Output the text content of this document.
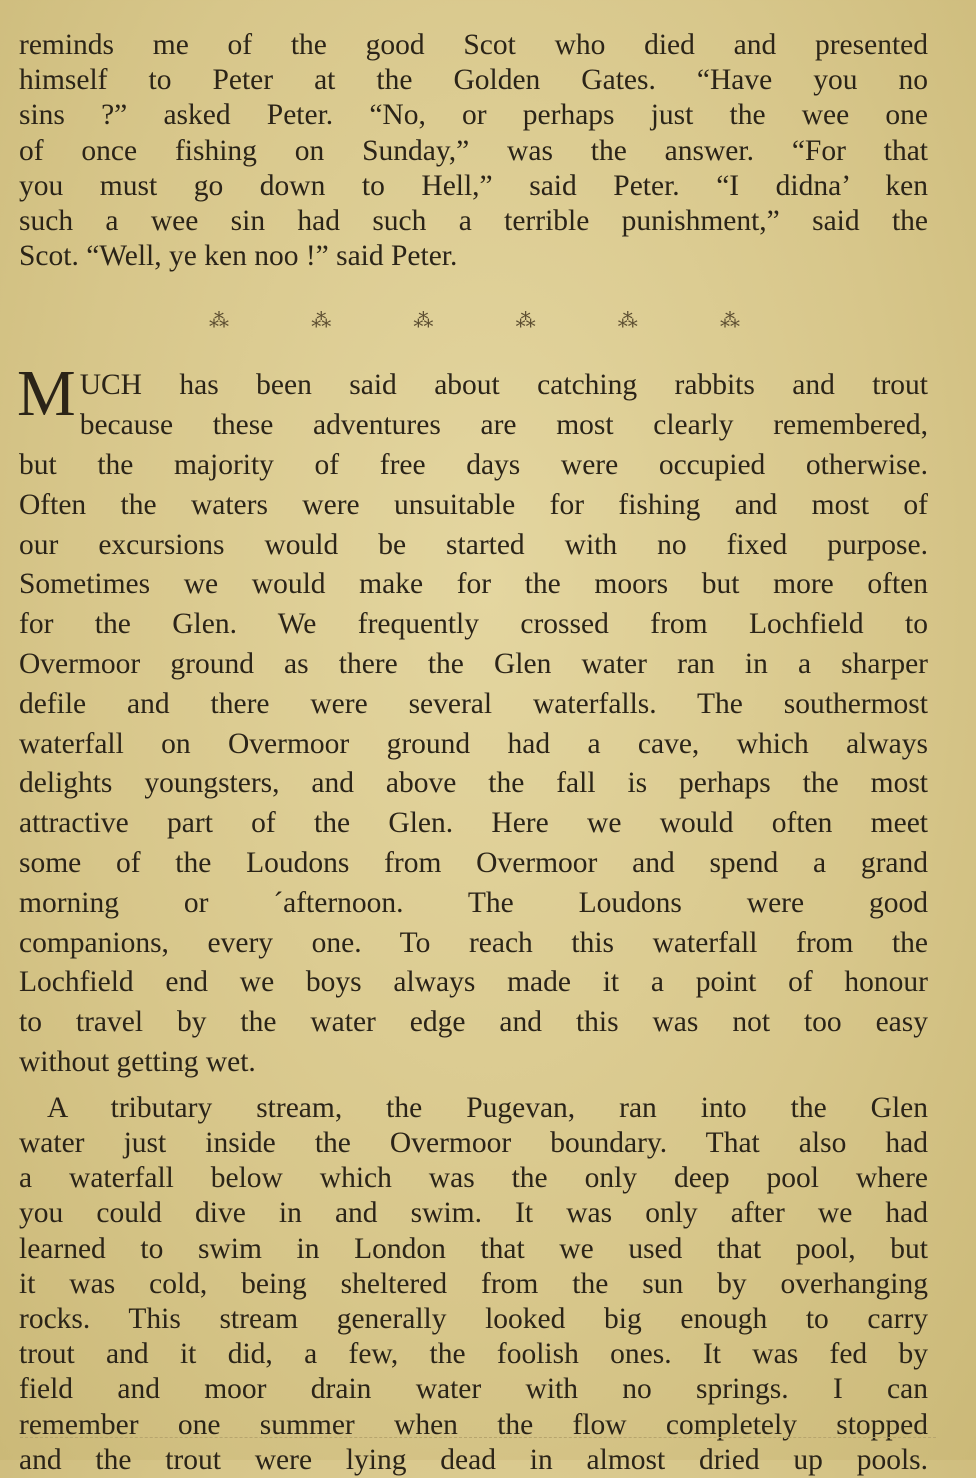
reminds me of the good Scot who died and presented
himself to Peter at the Golden Gates. “Have you no
sins ?” asked Peter. “No, or perhaps just the wee one
of once fishing on Sunday,” was the answer. “For that
you must go down to Hell,” said Peter. “I didna’ ken
such a wee sin had such a terrible punishment,” said the
Scot. “Well, ye ken noo !” said Peter.
⁂	⁂	⁂	⁂	⁂	⁂
M UCH has been said about catching rabbits and trout
because these adventures are most clearly remembered,
but the majority of free days were occupied otherwise.
Often the waters were unsuitable for fishing and most of
our excursions would be started with no fixed purpose.
Sometimes we would make for the moors but more often
for the Glen. We frequently crossed from Lochfield to
Overmoor ground as there the Glen water ran in a sharper
defile and there were several waterfalls. The southermost
waterfall on Overmoor ground had a cave, which always
delights youngsters, and above the fall is perhaps the most
attractive part of the Glen. Here we would often meet
some of the Loudons from Overmoor and spend a grand
morning or ´afternoon. The Loudons were good
companions, every one. To reach this waterfall from the
Lochfield end we boys always made it a point of honour
to travel by the water edge and this was not too easy
without getting wet.
A tributary stream, the Pugevan, ran into the Glen
water just inside the Overmoor boundary. That also had
a waterfall below which was the only deep pool where
you could dive in and swim. It was only after we had
learned to swim in London that we used that pool, but
it was cold, being sheltered from the sun by overhanging
rocks. This stream generally looked big enough to carry
trout and it did, a few, the foolish ones. It was fed by
field and moor drain water with no springs. I can
remember one summer when the flow completely stopped
and the trout were lying dead in almost dried up pools.
